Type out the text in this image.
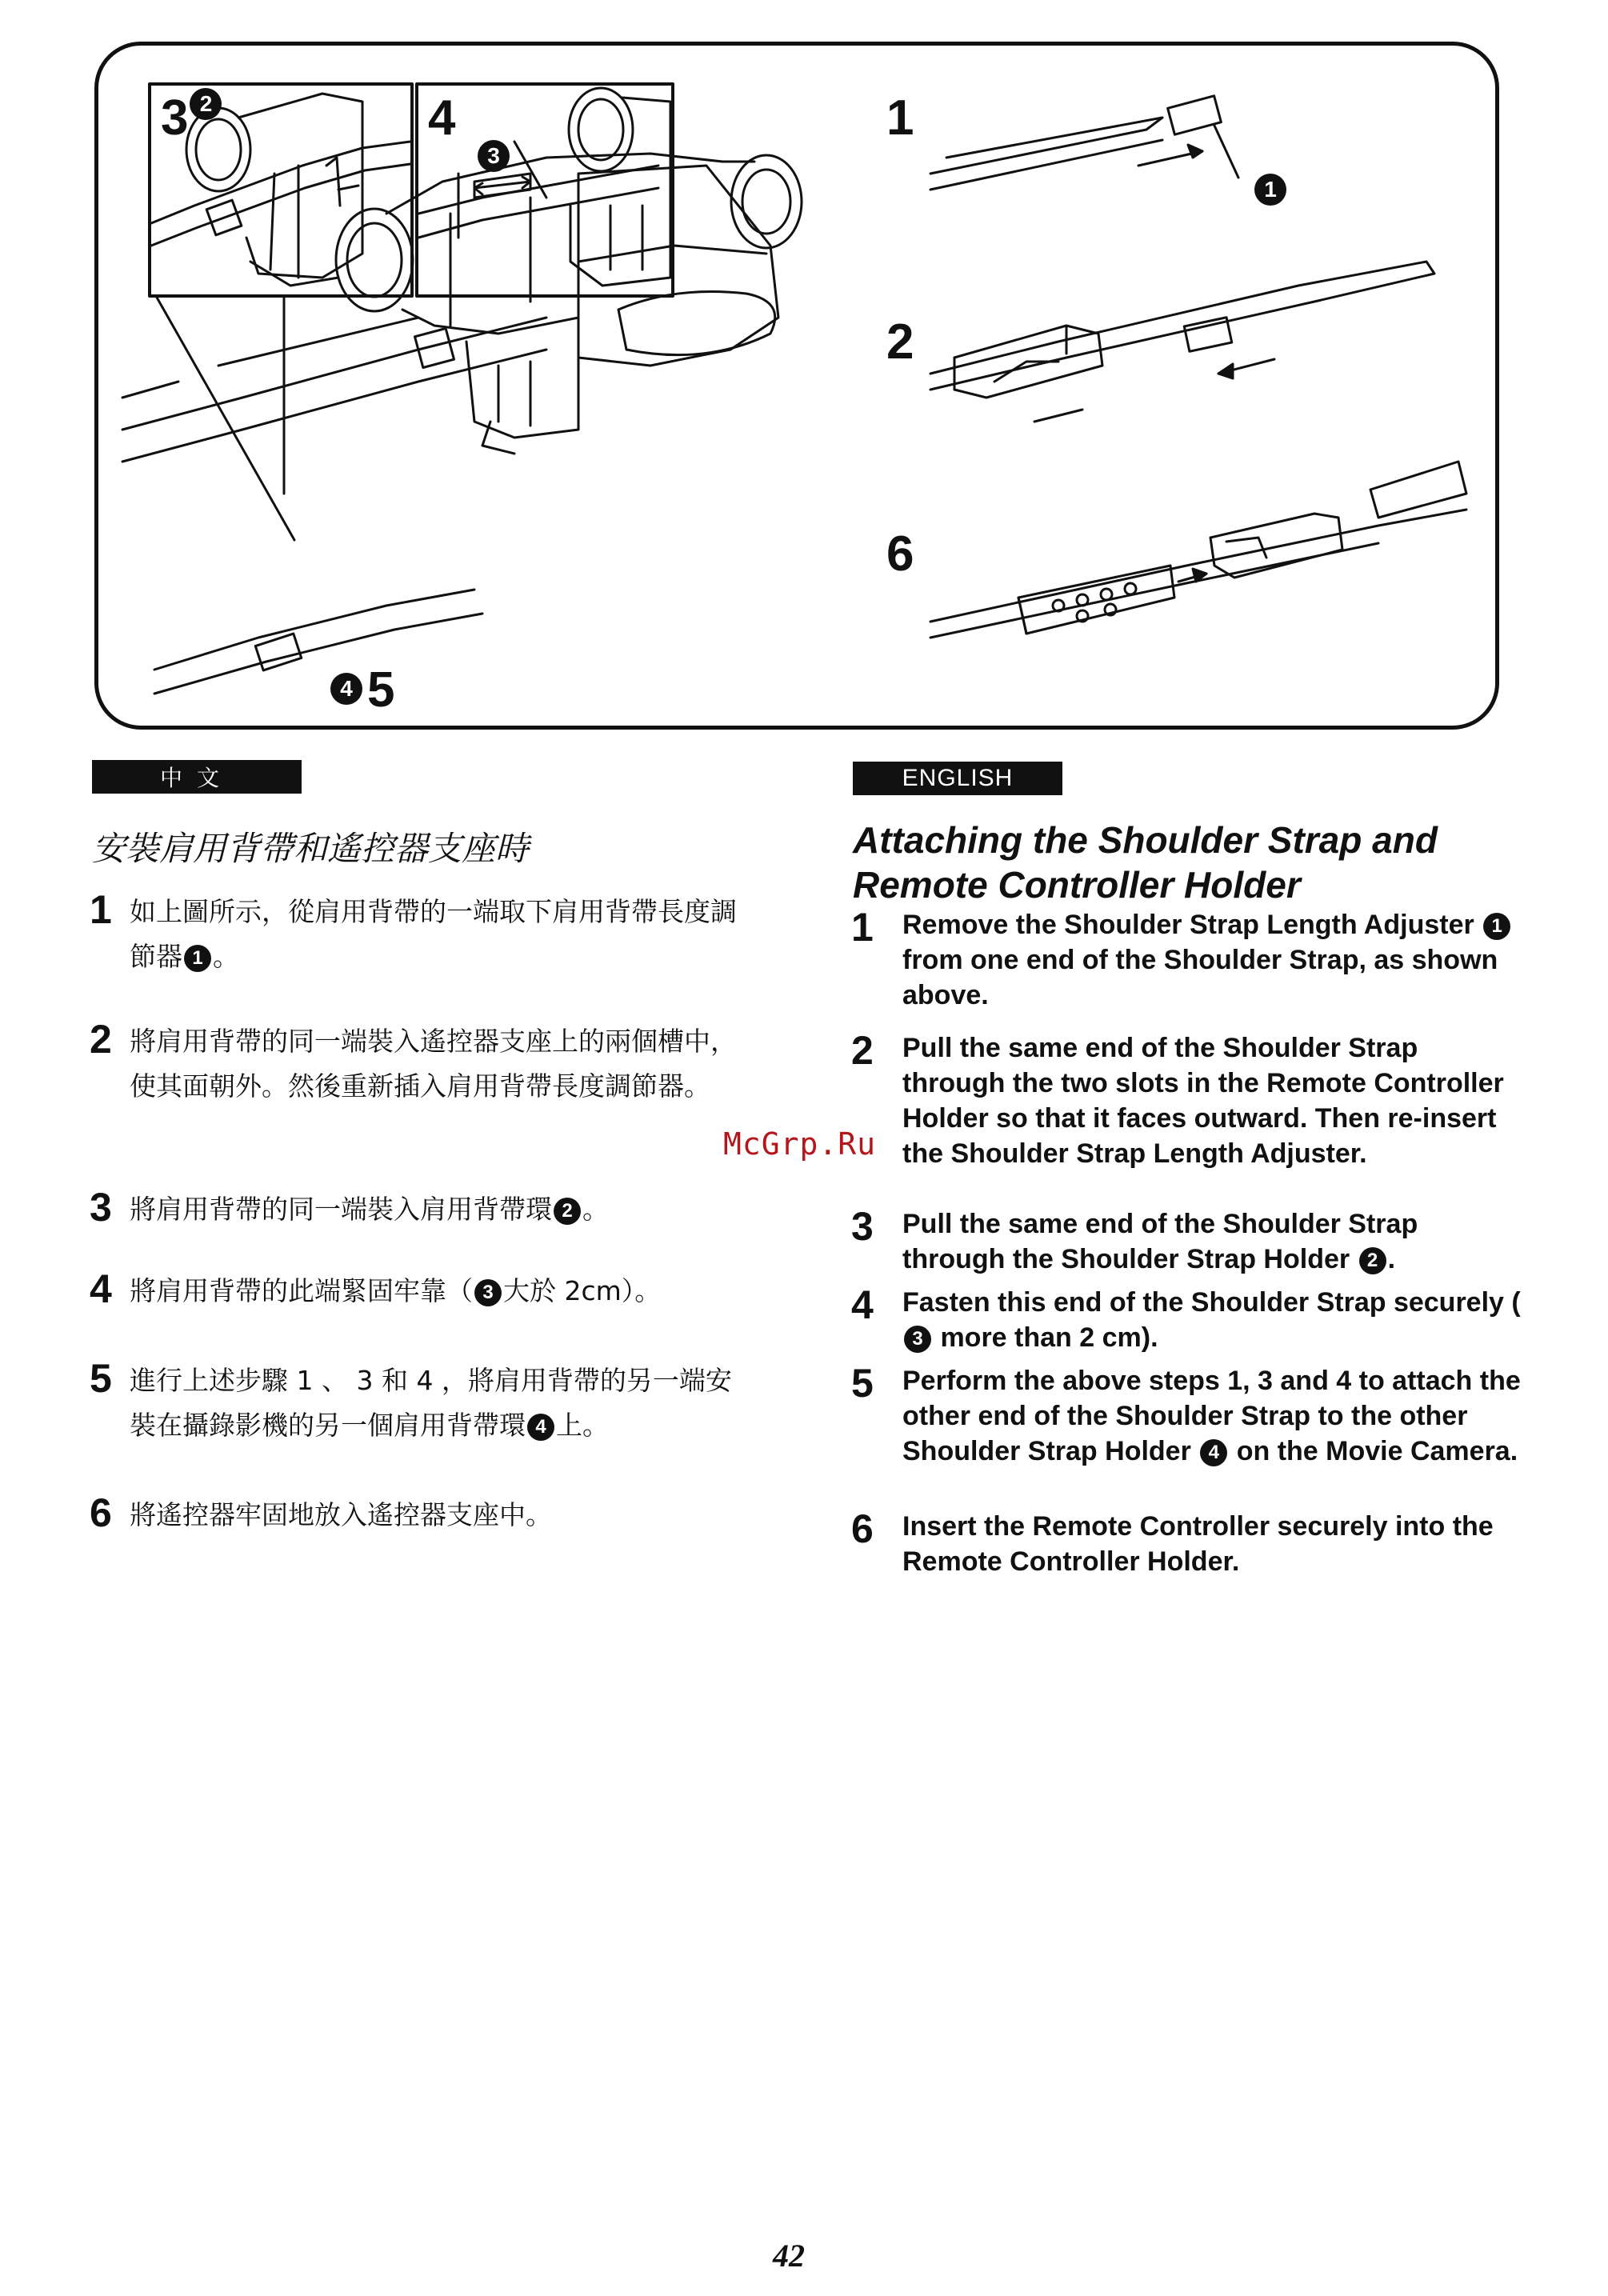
3 2	4
3
1
1
2
6
4 5
中文
安裝肩用背帶和遙控器支座時
1 如上圖所示，從肩用背帶的一端取下肩用背帶長度調節器 1 。
2 將肩用背帶的同一端裝入遙控器支座上的兩個槽中，使其面朝外。然後重新插入肩用背帶長度調節器。
3 將肩用背帶的同一端裝入肩用背帶環 2 。
4 將肩用背帶的此端緊固牢靠（ 3 大於 2cm）。
5 進行上述步驟 1 、 3 和 4 ，將肩用背帶的另一端安裝在攝錄影機的另一個肩用背帶環 4 上。
6 將遙控器牢固地放入遙控器支座中。
ENGLISH
Attaching the Shoulder Strap and Remote Controller Holder
1 Remove the Shoulder Strap Length Adjuster 1 from one end of the Shoulder Strap, as shown above.
2 Pull the same end of the Shoulder Strap through the two slots in the Remote Controller Holder so that it faces outward. Then re-insert the Shoulder Strap Length Adjuster.
3 Pull the same end of the Shoulder Strap through the Shoulder Strap Holder 2 .
4 Fasten this end of the Shoulder Strap securely (3 more than 2 cm).
5 Perform the above steps 1, 3 and 4 to attach the other end of the Shoulder Strap to the other Shoulder Strap Holder 4 on the Movie Camera.
6 Insert the Remote Controller securely into the Remote Controller Holder.
McGrp.Ru
42
